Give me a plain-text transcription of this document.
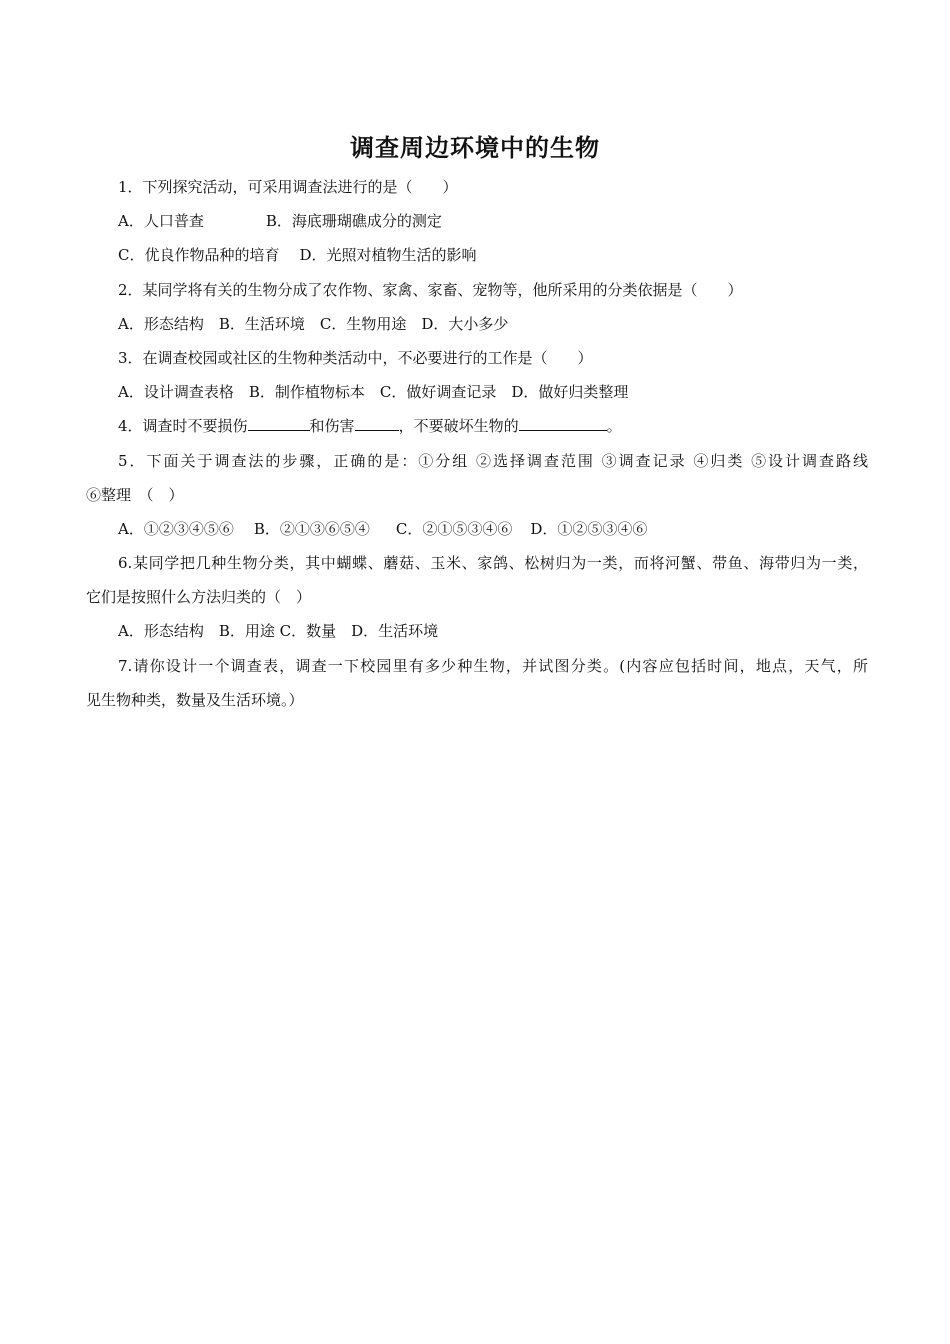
调查周边环境中的生物
1．下列探究活动，可采用调查法进行的是（　　）
A．人口普查	B．海底珊瑚礁成分的测定
C．优良作物品种的培育 D．光照对植物生活的影响
2．某同学将有关的生物分成了农作物、家禽、家畜、宠物等，他所采用的分类依据是（　　）
A．形态结构　B．生活环境　C．生物用途　D．大小多少
3．在调查校园或社区的生物种类活动中，不必要进行的工作是（　　）
A．设计调查表格　B．制作植物标本　C．做好调查记录　D．做好归类整理
4．调查时不要损伤	和伤害	，不要破坏生物的	。
5．下面关于调查法的步骤，正确的是：①分组 ②选择调查范围 ③调查记录 ④归类 ⑤设计调查路线
⑥整理　（　）
A．①②③④⑤⑥ B．②①③⑥⑤④ C．②①⑤③④⑥ D．①②⑤③④⑥
6.某同学把几种生物分类，其中蝴蝶、蘑菇、玉米、家鸽、松树归为一类，而将河蟹、带鱼、海带归为一类，
它们是按照什么方法归类的（　）
A．形态结构　B．用途 C．数量　D．生活环境
7.请你设计一个调查表，调查一下校园里有多少种生物，并试图分类。(内容应包括时间，地点，天气，所
见生物种类，数量及生活环境。）
